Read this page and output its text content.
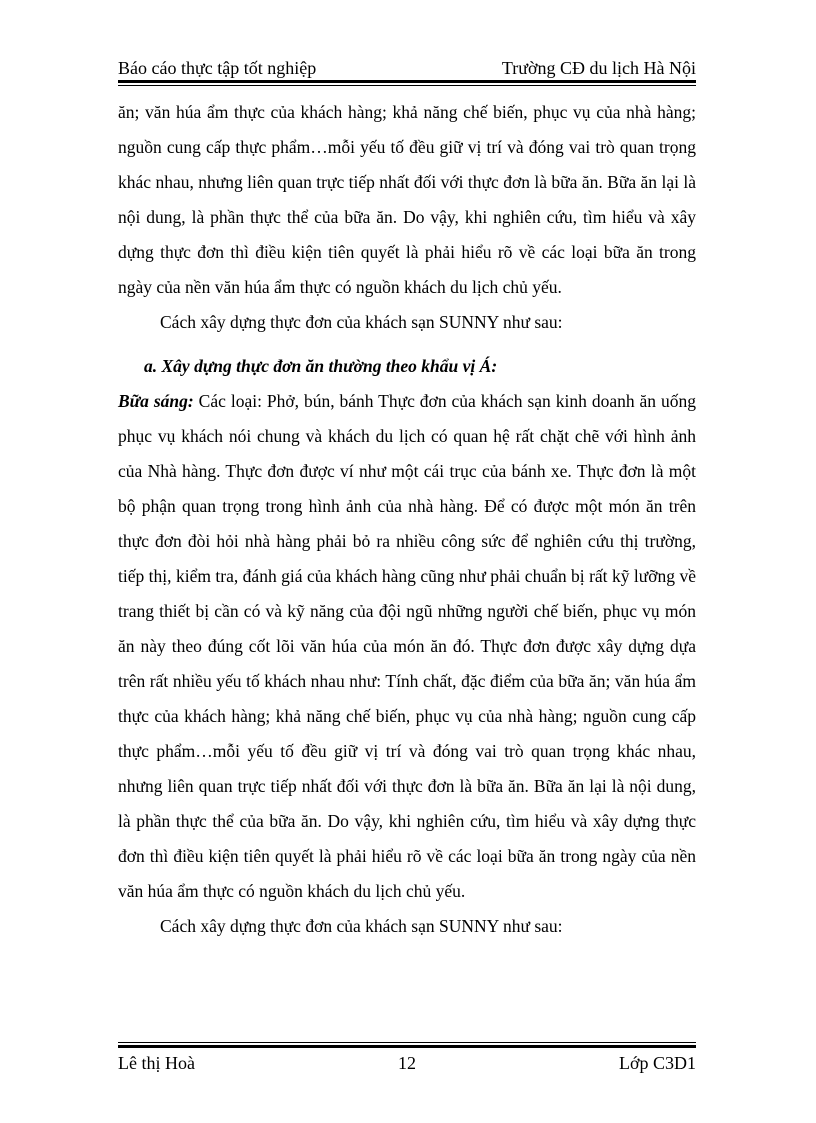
Báo cáo thực tập tốt nghiệp	Trường CĐ du lịch Hà Nội

ăn; văn húa ẩm thực của khách hàng; khả năng chế biến, phục vụ của nhà hàng; nguồn cung cấp thực phẩm…mỗi yếu tố đều giữ vị trí và đóng vai trò quan trọng khác nhau, nhưng liên quan trực tiếp nhất đối với thực đơn là bữa ăn. Bữa ăn lại là nội dung, là phần thực thể của bữa ăn. Do vậy, khi nghiên cứu, tìm hiểu và xây dựng thực đơn thì điều kiện tiên quyết là phải hiểu rõ về các loại bữa ăn trong ngày của nền văn húa ẩm thực có nguồn khách du lịch chủ yếu.

Cách xây dựng thực đơn của khách sạn SUNNY như sau:

a. Xây dựng thực đơn ăn thường theo khẩu vị Á:

Bữa sáng: Các loại: Phở, bún, bánh Thực đơn của khách sạn kinh doanh ăn uống phục vụ khách nói chung và khách du lịch có quan hệ rất chặt chẽ với hình ảnh của Nhà hàng. Thực đơn được ví như một cái trục của bánh xe. Thực đơn là một bộ phận quan trọng trong hình ảnh của nhà hàng. Để có được một món ăn trên thực đơn đòi hỏi nhà hàng phải bỏ ra nhiều công sức để nghiên cứu thị trường, tiếp thị, kiểm tra, đánh giá của khách hàng cũng như phải chuẩn bị rất kỹ lưỡng về trang thiết bị cần có và kỹ năng của đội ngũ những người chế biến, phục vụ món ăn này theo đúng cốt lõi văn húa của món ăn đó. Thực đơn được xây dựng dựa trên rất nhiều yếu tố khách nhau như: Tính chất, đặc điểm của bữa ăn; văn húa ẩm thực của khách hàng; khả năng chế biến, phục vụ của nhà hàng; nguồn cung cấp thực phẩm…mỗi yếu tố đều giữ vị trí và đóng vai trò quan trọng khác nhau, nhưng liên quan trực tiếp nhất đối với thực đơn là bữa ăn. Bữa ăn lại là nội dung, là phần thực thể của bữa ăn. Do vậy, khi nghiên cứu, tìm hiểu và xây dựng thực đơn thì điều kiện tiên quyết là phải hiểu rõ về các loại bữa ăn trong ngày của nền văn húa ẩm thực có nguồn khách du lịch chủ yếu.

Cách xây dựng thực đơn của khách sạn SUNNY như sau:

Lê thị Hoà	12	Lớp C3D1
